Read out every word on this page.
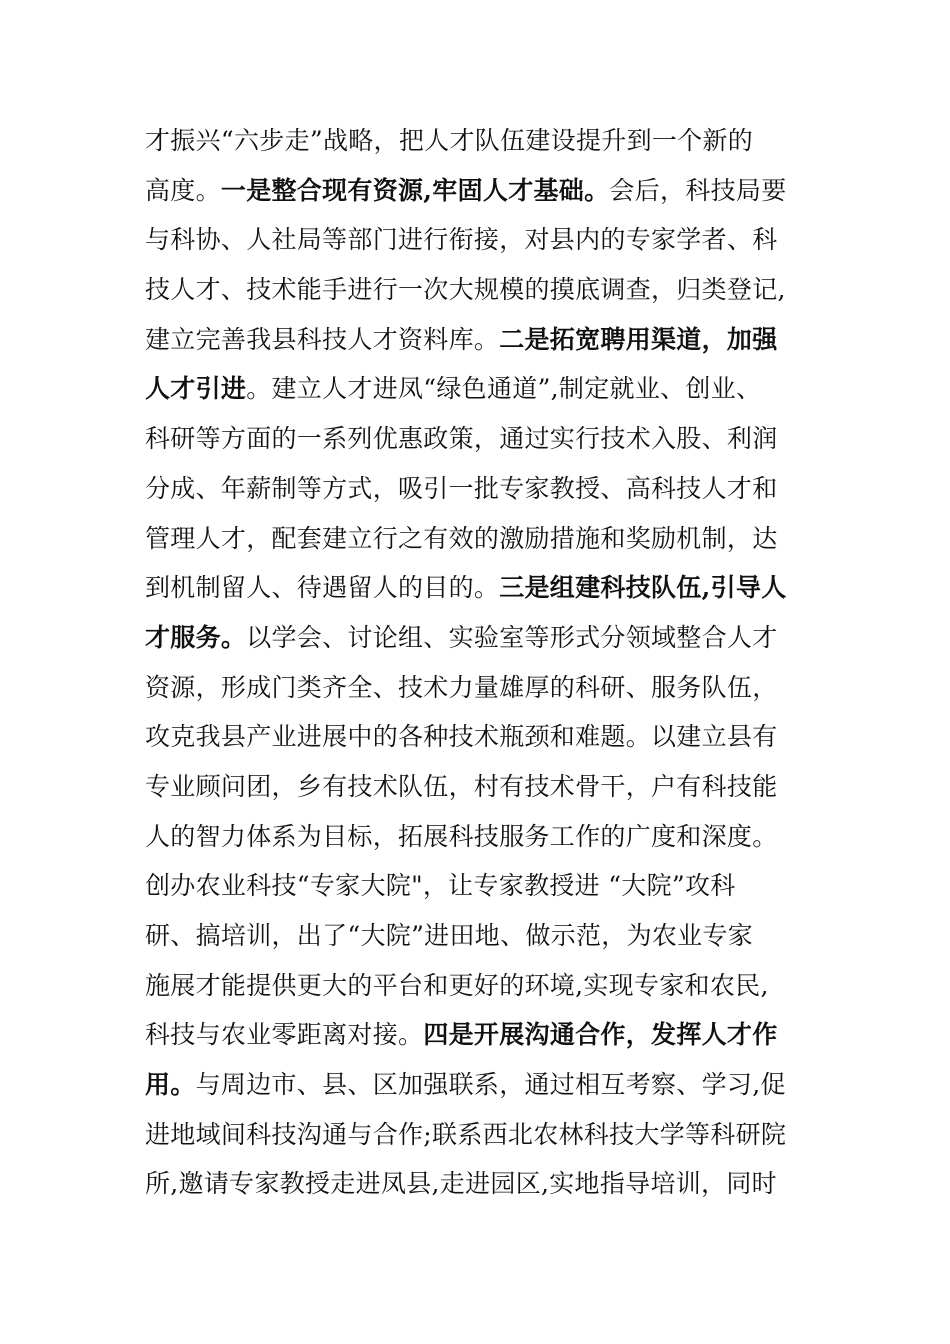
才振兴“六步走”战略，把人才队伍建设提升到一个新的
高度。一是整合现有资源,牢固人才基础。会后，科技局要
与科协、人社局等部门进行衔接，对县内的专家学者、科
技人才、技术能手进行一次大规模的摸底调查，归类登记,
建立完善我县科技人才资料库。二是拓宽聘用渠道，加强
人才引进。建立人才进凤“绿色通道”,制定就业、创业、
科研等方面的一系列优惠政策，通过实行技术入股、利润
分成、年薪制等方式，吸引一批专家教授、高科技人才和
管理人才，配套建立行之有效的激励措施和奖励机制，达
到机制留人、待遇留人的目的。三是组建科技队伍,引导人
才服务。以学会、讨论组、实验室等形式分领域整合人才
资源，形成门类齐全、技术力量雄厚的科研、服务队伍，
攻克我县产业进展中的各种技术瓶颈和难题。以建立县有
专业顾问团，乡有技术队伍，村有技术骨干，户有科技能
人的智力体系为目标，拓展科技服务工作的广度和深度。
创办农业科技“专家大院"，让专家教授进 “大院”攻科
研、搞培训，出了“大院”进田地、做示范，为农业专家
施展才能提供更大的平台和更好的环境,实现专家和农民,
科技与农业零距离对接。四是开展沟通合作，发挥人才作
用。与周边市、县、区加强联系，通过相互考察、学习,促
进地域间科技沟通与合作;联系西北农林科技大学等科研院
所,邀请专家教授走进凤县,走进园区,实地指导培训，同时
